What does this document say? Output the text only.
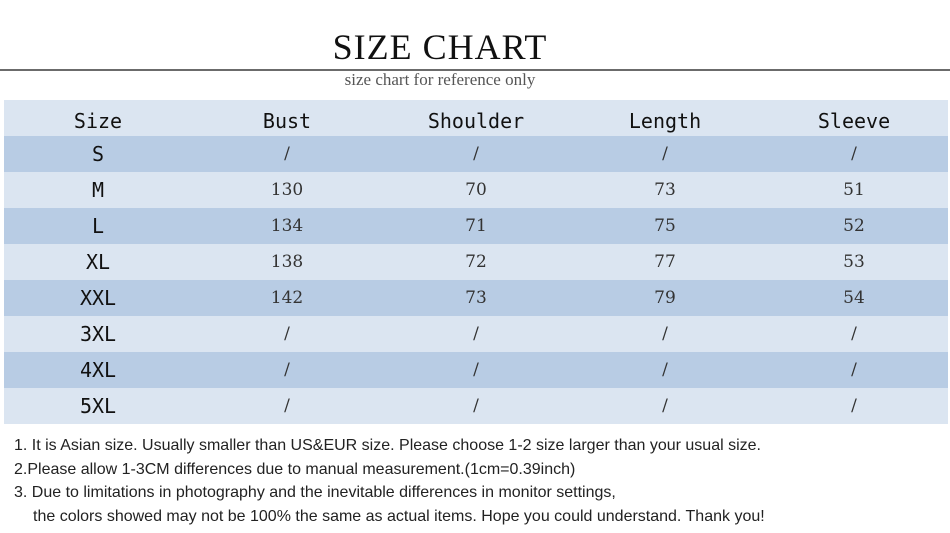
SIZE CHART
size chart for reference only
Size	Bust	Shoulder	Length	Sleeve
S	/	/	/	/
M	130	70	73	51
L	134	71	75	52
XL	138	72	77	53
XXL	142	73	79	54
3XL	/	/	/	/
4XL	/	/	/	/
5XL	/	/	/	/
1. It is Asian size. Usually smaller than US&EUR size. Please choose 1-2 size larger than your usual size.
2.Please allow 1-3CM differences due to manual measurement.(1cm=0.39inch)
3. Due to limitations in photography and the inevitable differences in monitor settings,
the colors showed may not be 100% the same as actual items. Hope you could understand. Thank you!
